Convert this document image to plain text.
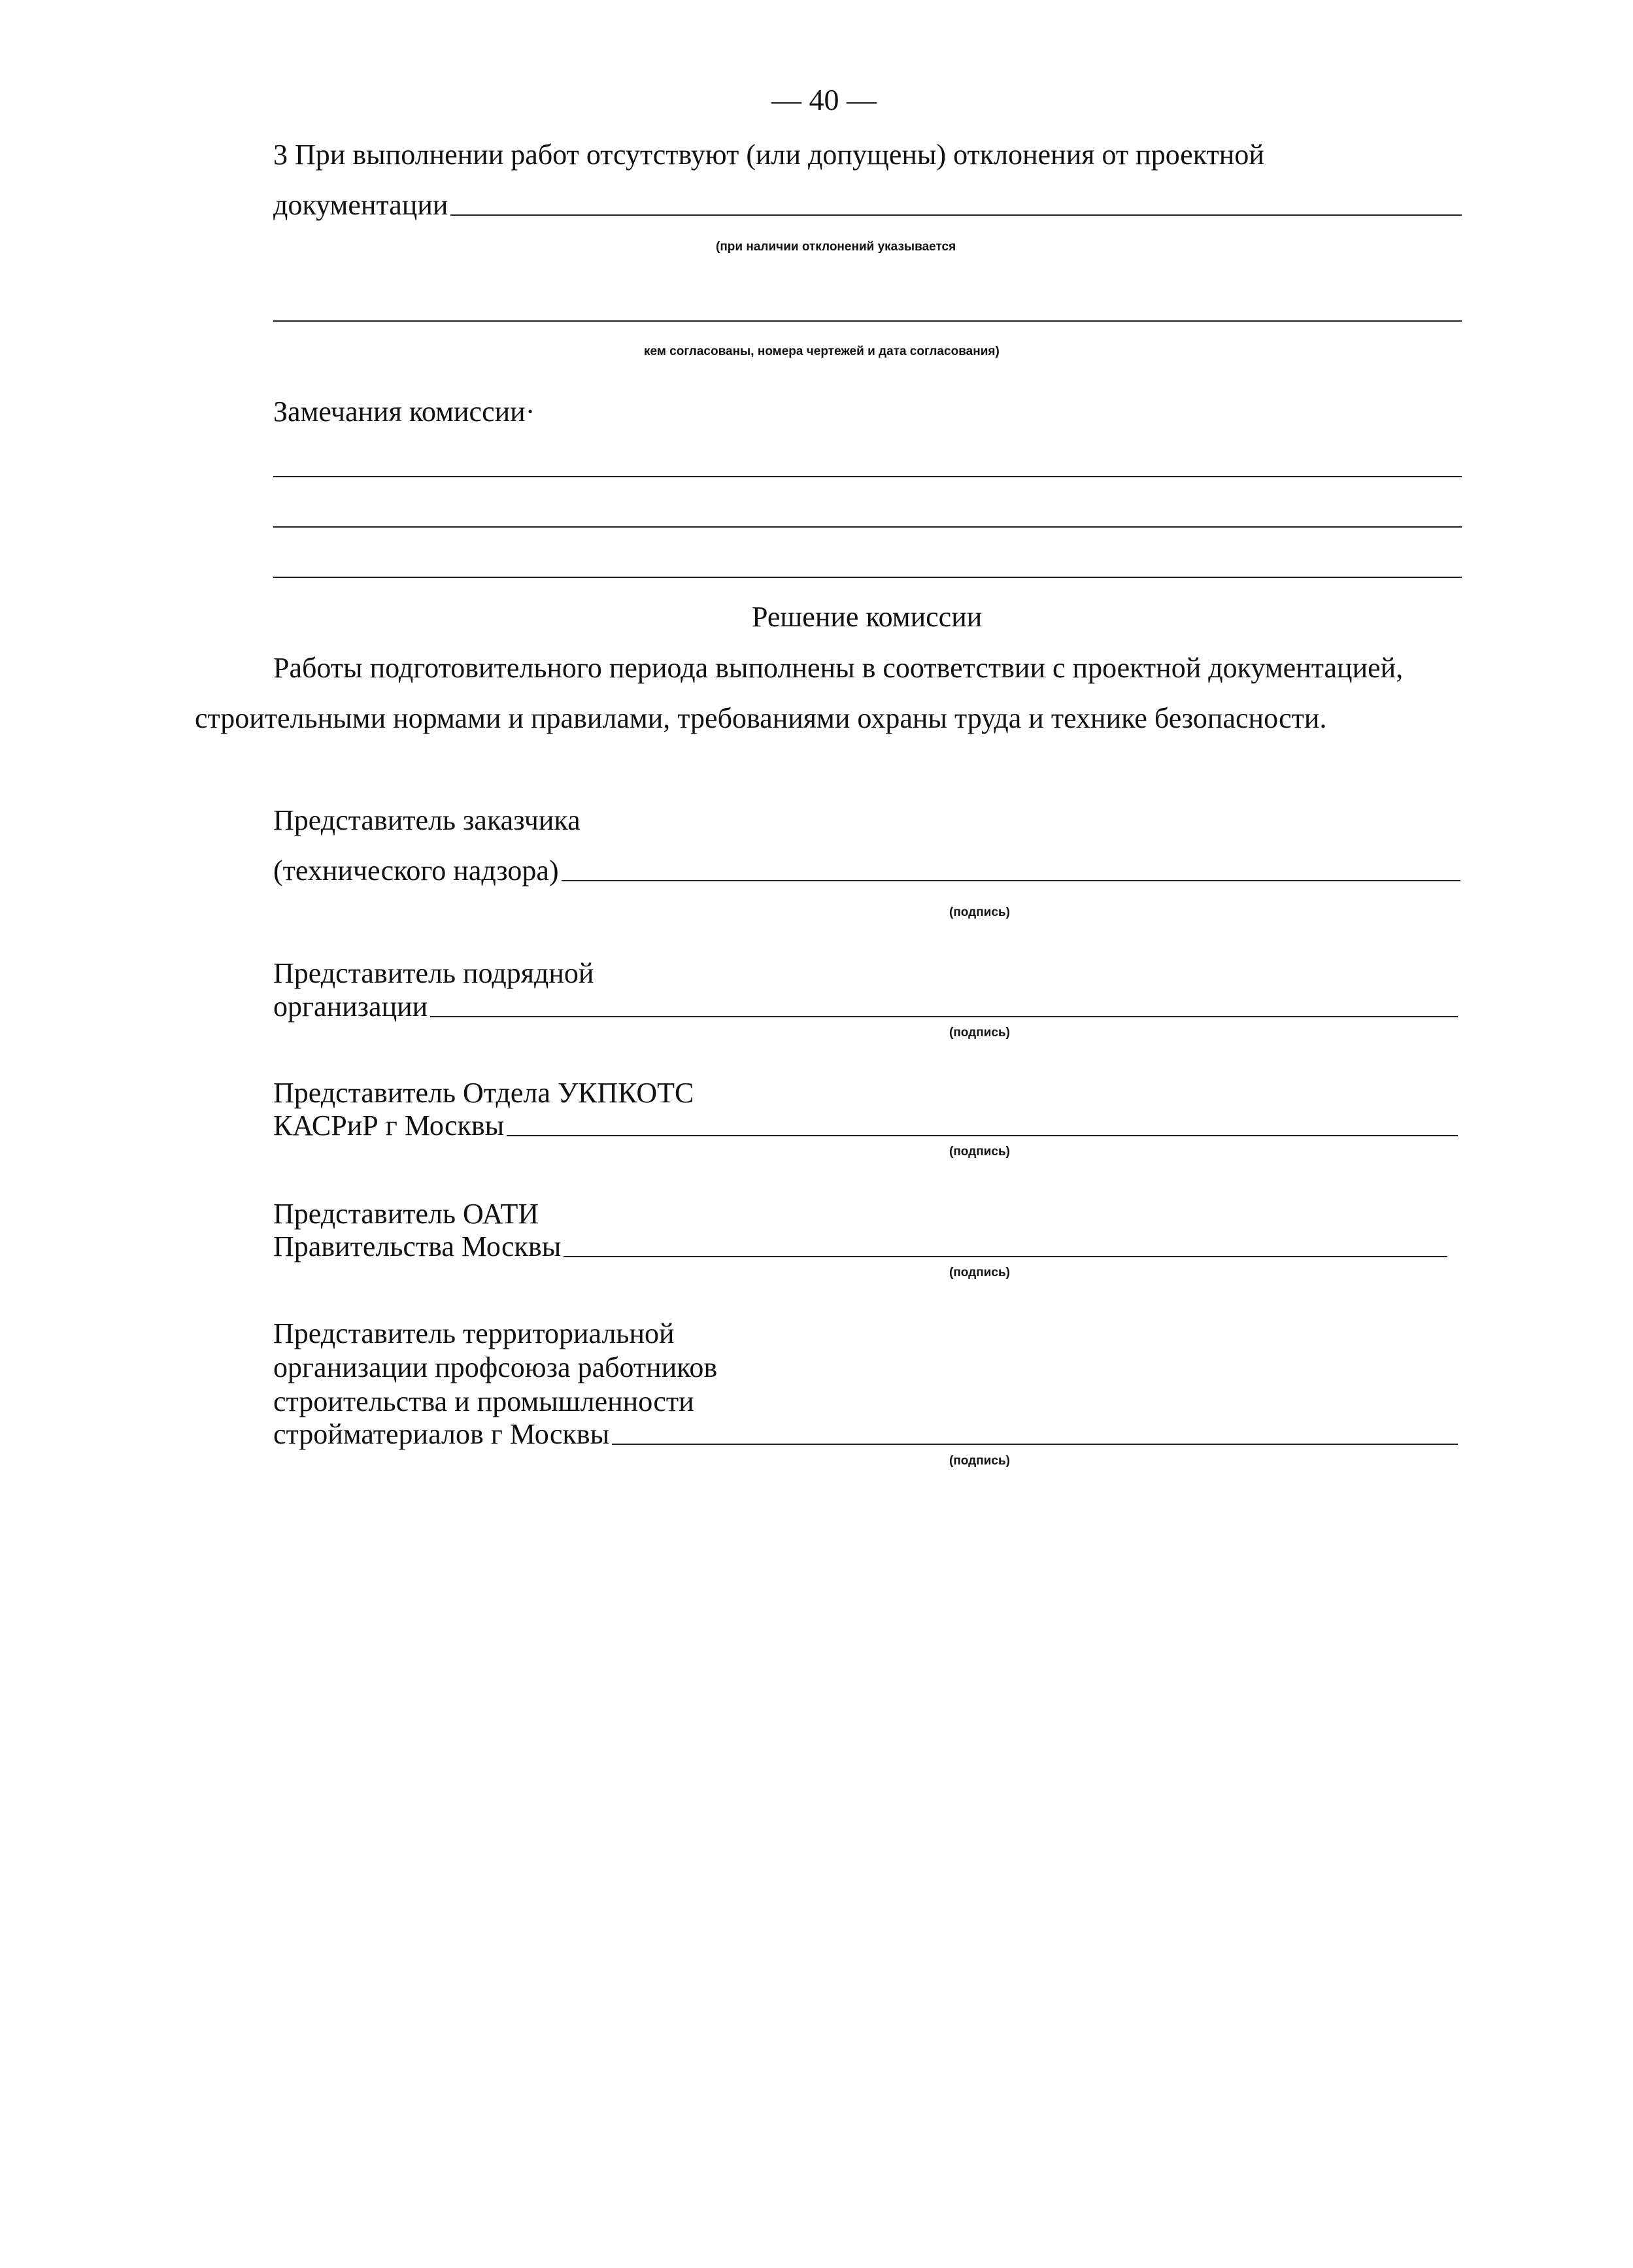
— 40 —
3 При выполнении работ отсутствуют (или допущены) отклонения от проектной
документации
(при наличии отклонений указывается
кем согласованы, номера чертежей и дата согласования)
Замечания комиссии·
Решение комиссии
Работы подготовительного периода выполнены в соответствии с проектной документацией,
строительными нормами и правилами, требованиями охраны труда и технике безопасности.
Представитель заказчика
(технического надзора)
(подпись)
Представитель подрядной
организации
(подпись)
Представитель Отдела УКПКОТС
КАСРиР г Москвы
(подпись)
Представитель ОАТИ
Правительства Москвы
(подпись)
Представитель территориальной
организации профсоюза работников
строительства и промышленности
стройматериалов г Москвы
(подпись)
